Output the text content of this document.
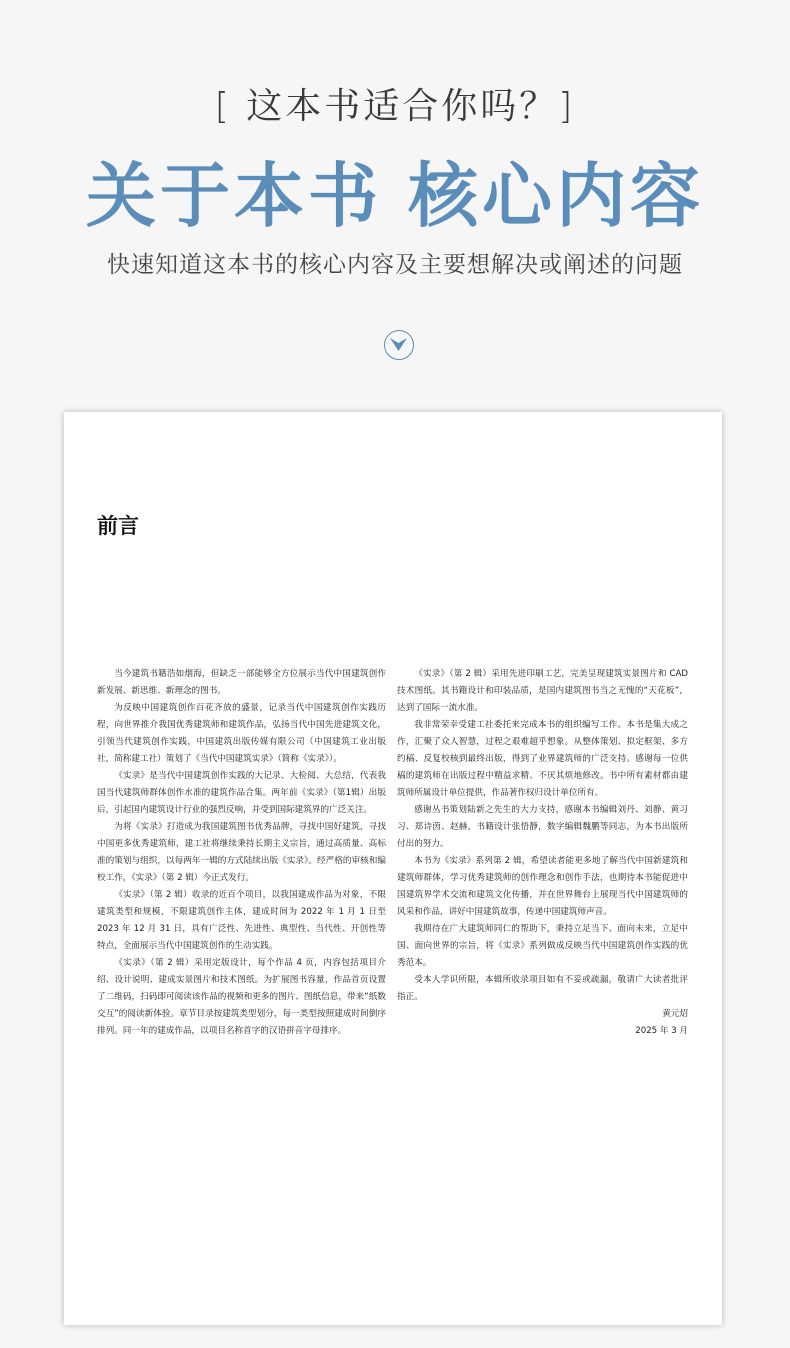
[ 这本书适合你吗？]
关于本书 核心内容
快速知道这本书的核心内容及主要想解决或阐述的问题
前言

当今建筑书籍浩如烟海，但缺乏一部能够全方位展示当代中国建筑创作新发展、新思维、新理念的图书。

为反映中国建筑创作百花齐放的盛景，记录当代中国建筑创作实践历程，向世界推介我国优秀建筑师和建筑作品，弘扬当代中国先进建筑文化，引领当代建筑创作实践，中国建筑出版传媒有限公司（中国建筑工业出版社，简称建工社）策划了《当代中国建筑实录》（简称《实录》）。

《实录》是当代中国建筑创作实践的大记录、大检阅、大总结，代表我国当代建筑师群体创作水准的建筑作品合集。两年前《实录》（第1辑）出版后，引起国内建筑设计行业的强烈反响，并受到国际建筑界的广泛关注。

为将《实录》打造成为我国建筑图书优秀品牌，寻找中国好建筑，寻找中国更多优秀建筑师，建工社将继续秉持长期主义宗旨，通过高质量、高标准的策划与组织，以每两年一辑的方式陆续出版《实录》。经严格的审核和编校工作，《实录》（第 2 辑）今正式发行。

《实录》（第 2 辑）收录的近百个项目，以我国建成作品为对象，不限建筑类型和规模，不限建筑创作主体，建成时间为 2022 年 1 月 1 日至 2023 年 12 月 31 日，具有广泛性、先进性、典型性、当代性、开创性等特点，全面展示当代中国建筑创作的生动实践。

《实录》（第 2 辑）采用定版设计，每个作品 4 页，内容包括项目介绍、设计说明、建成实景图片和技术图纸。为扩展图书容量，作品首页设置了二维码，扫码即可阅读该作品的视频和更多的图片、图纸信息，带来“纸数交互”的阅读新体验。章节目录按建筑类型划分，每一类型按照建成时间倒序排列。同一年的建成作品，以项目名称首字的汉语拼音字母排序。

《实录》（第 2 辑）采用先进印刷工艺，完美呈现建筑实景图片和 CAD 技术图纸。其书籍设计和印装品质，是国内建筑图书当之无愧的“天花板”，达到了国际一流水准。

我非常荣幸受建工社委托来完成本书的组织编写工作。本书是集大成之作，汇聚了众人智慧，过程之艰难超乎想象。从整体策划、拟定框架、多方约稿、反复校核到最终出版，得到了业界建筑师的广泛支持。感谢每一位供稿的建筑师在出版过程中精益求精、不厌其烦地修改。书中所有素材都由建筑师所属设计单位提供，作品著作权归设计单位所有。

感谢丛书策划陆新之先生的大力支持，感谢本书编辑刘丹、刘静、黄习习、郑诗茵、赵赫，书籍设计张悟静，数字编辑魏鹏等同志，为本书出版所付出的努力。

本书为《实录》系列第 2 辑，希望读者能更多地了解当代中国新建筑和建筑师群体，学习优秀建筑师的创作理念和创作手法，也期待本书能促进中国建筑界学术交流和建筑文化传播，并在世界舞台上展现当代中国建筑师的风采和作品，讲好中国建筑故事，传递中国建筑师声音。

我期待在广大建筑师同仁的帮助下，秉持立足当下、面向未来，立足中国、面向世界的宗旨，将《实录》系列做成反映当代中国建筑创作实践的优秀范本。

受本人学识所限，本辑所收录项目如有不妥或疏漏，敬请广大读者批评指正。

黄元炤

2025 年 3 月
